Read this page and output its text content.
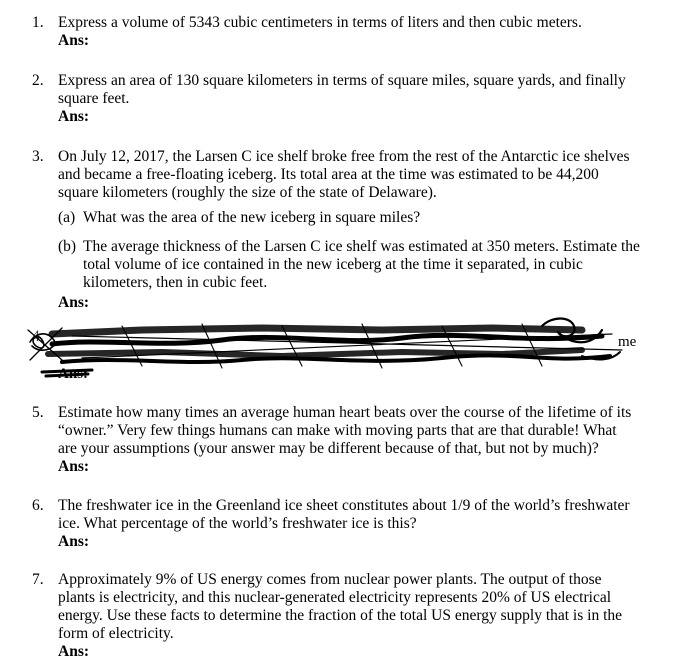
1. Express a volume of 5343 cubic centimeters in terms of liters and then cubic meters.
Ans:
2. Express an area of 130 square kilometers in terms of square miles, square yards, and finally
square feet.
Ans:
3. On July 12, 2017, the Larsen C ice shelf broke free from the rest of the Antarctic ice shelves
and became a free-floating iceberg. Its total area at the time was estimated to be 44,200
square kilometers (roughly the size of the state of Delaware).
(a) What was the area of the new iceberg in square miles?
(b) The average thickness of the Larsen C ice shelf was estimated at 350 meters. Estimate the
total volume of ice contained in the new iceberg at the time it separated, in cubic
kilometers, then in cubic feet.
Ans:
4.	me
Ans:
5. Estimate how many times an average human heart beats over the course of the lifetime of its
“owner.” Very few things humans can make with moving parts that are that durable! What
are your assumptions (your answer may be different because of that, but not by much)?
Ans:
6. The freshwater ice in the Greenland ice sheet constitutes about 1/9 of the world’s freshwater
ice. What percentage of the world’s freshwater ice is this?
Ans:
7. Approximately 9% of US energy comes from nuclear power plants. The output of those
plants is electricity, and this nuclear-generated electricity represents 20% of US electrical
energy. Use these facts to determine the fraction of the total US energy supply that is in the
form of electricity.
Ans:
